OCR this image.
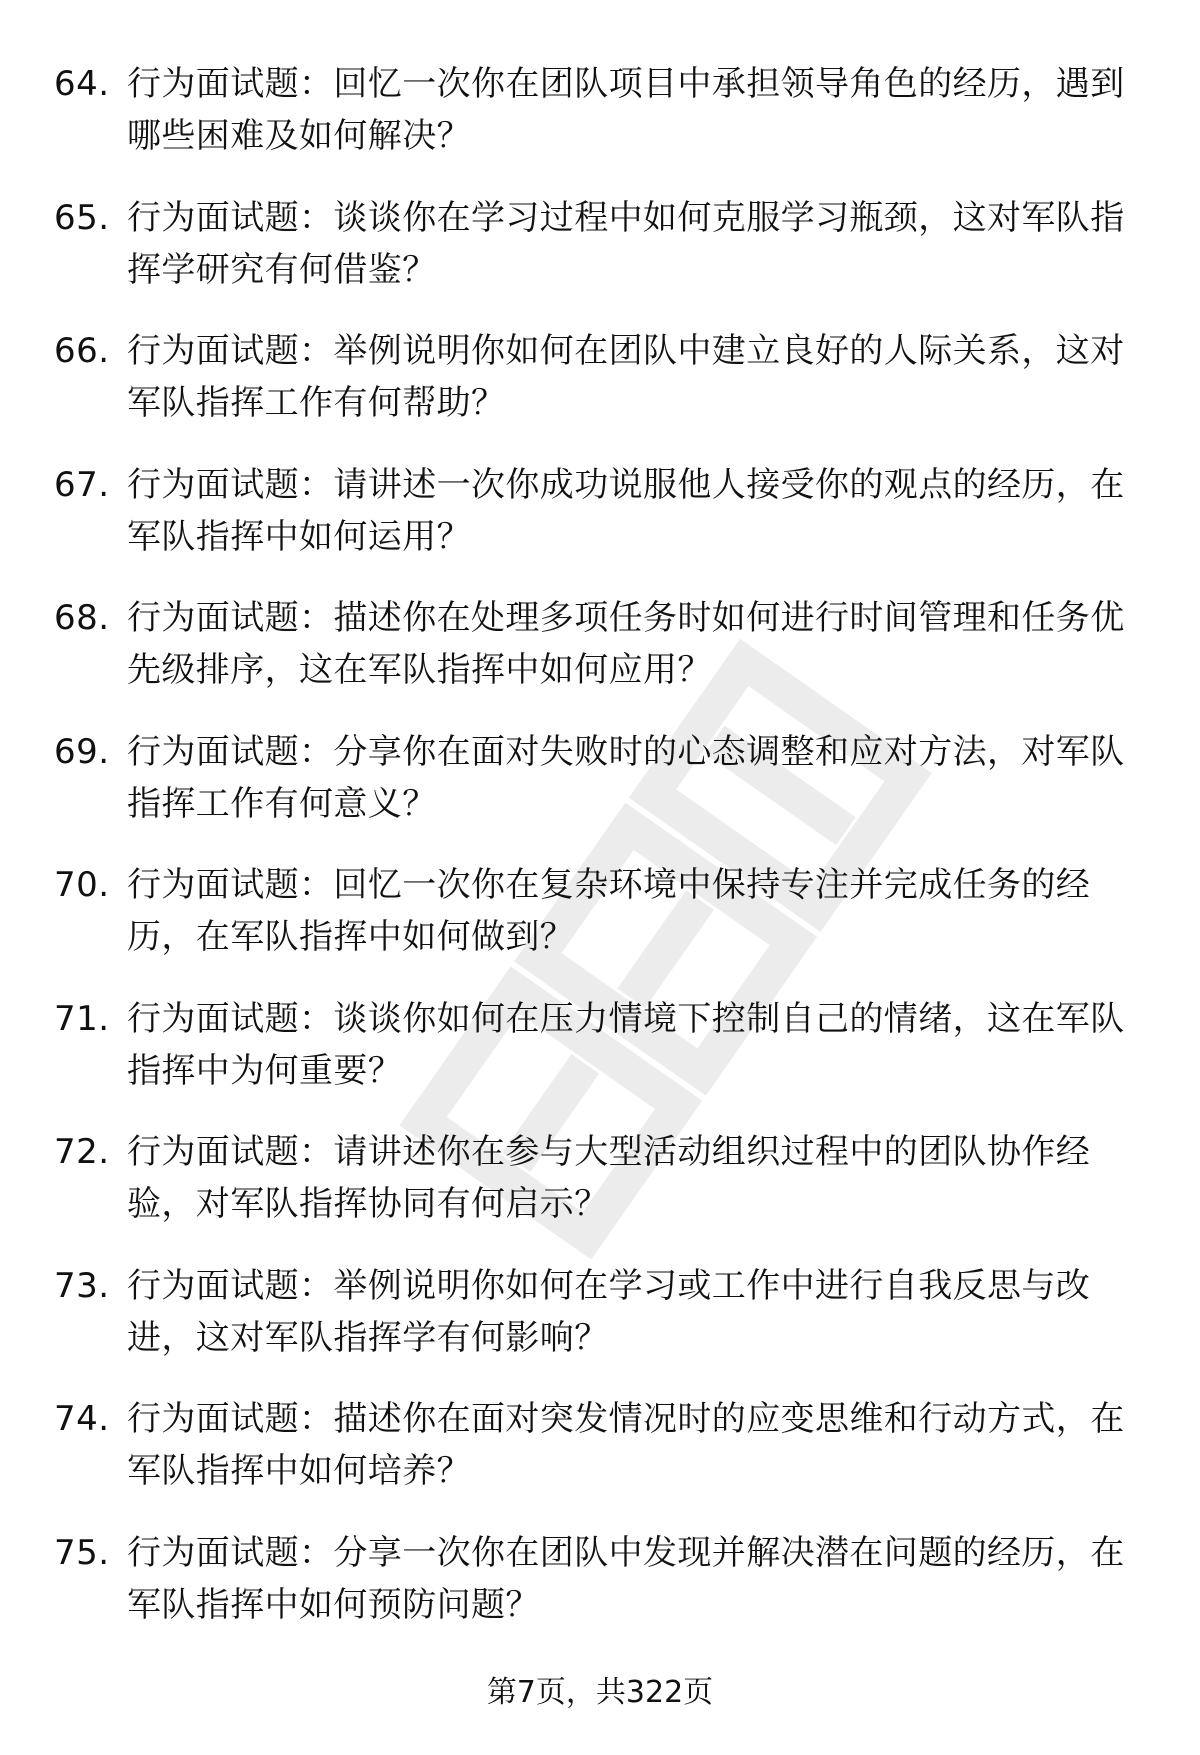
64. 行为面试题：回忆一次你在团队项目中承担领导角色的经历，遇到哪些困难及如何解决？
65. 行为面试题：谈谈你在学习过程中如何克服学习瓶颈，这对军队指挥学研究有何借鉴？
66. 行为面试题：举例说明你如何在团队中建立良好的人际关系，这对军队指挥工作有何帮助？
67. 行为面试题：请讲述一次你成功说服他人接受你的观点的经历，在军队指挥中如何运用？
68. 行为面试题：描述你在处理多项任务时如何进行时间管理和任务优先级排序，这在军队指挥中如何应用？
69. 行为面试题：分享你在面对失败时的心态调整和应对方法，对军队指挥工作有何意义？
70. 行为面试题：回忆一次你在复杂环境中保持专注并完成任务的经历，在军队指挥中如何做到？
71. 行为面试题：谈谈你如何在压力情境下控制自己的情绪，这在军队指挥中为何重要？
72. 行为面试题：请讲述你在参与大型活动组织过程中的团队协作经验，对军队指挥协同有何启示？
73. 行为面试题：举例说明你如何在学习或工作中进行自我反思与改进，这对军队指挥学有何影响？
74. 行为面试题：描述你在面对突发情况时的应变思维和行动方式，在军队指挥中如何培养？
75. 行为面试题：分享一次你在团队中发现并解决潜在问题的经历，在军队指挥中如何预防问题？
第7页，共322页
